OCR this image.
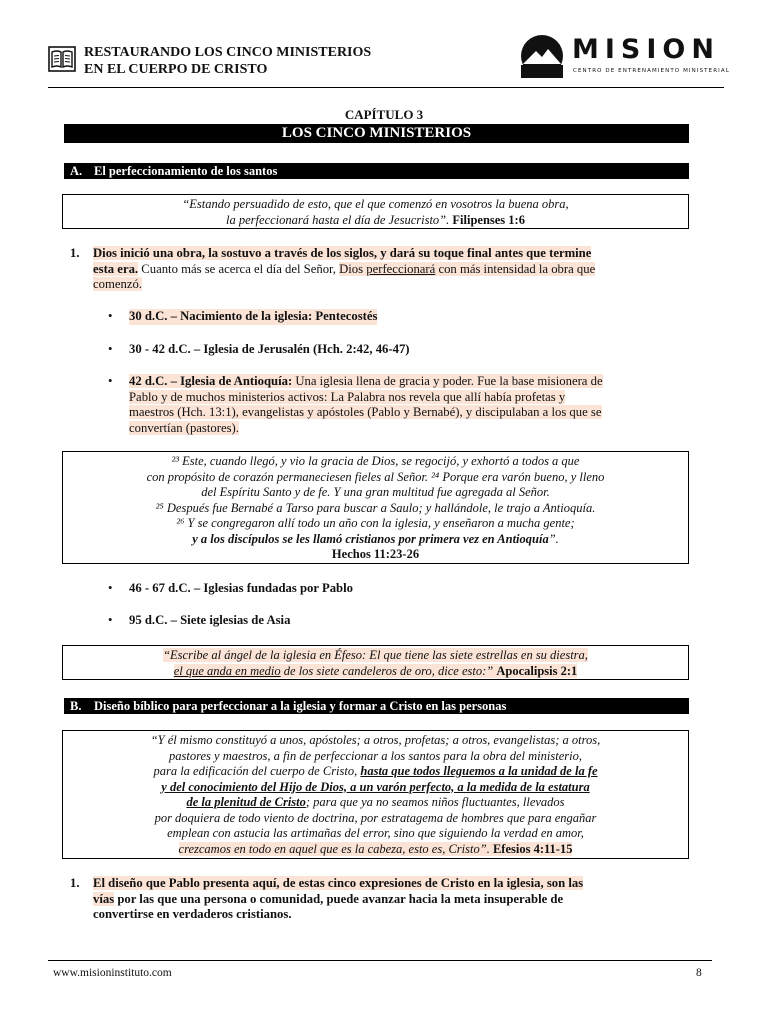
RESTAURANDO LOS CINCO MINISTERIOS
EN EL CUERPO DE CRISTO
MISION
CENTRO DE ENTRENAMIENTO MINISTERIAL
CAPÍTULO 3
LOS CINCO MINISTERIOS
A. El perfeccionamiento de los santos
“Estando persuadido de esto, que el que comenzó en vosotros la buena obra,
la perfeccionará hasta el día de Jesucristo”. Filipenses 1:6
1. Dios inició una obra, la sostuvo a través de los siglos, y dará su toque final antes que termine
esta era. Cuanto más se acerca el día del Señor, Dios perfeccionará con más intensidad la obra que
comenzó.
• 30 d.C. – Nacimiento de la iglesia: Pentecostés
• 30 - 42 d.C. – Iglesia de Jerusalén (Hch. 2:42, 46-47)
• 42 d.C. – Iglesia de Antioquía: Una iglesia llena de gracia y poder. Fue la base misionera de
Pablo y de muchos ministerios activos: La Palabra nos revela que allí había profetas y
maestros (Hch. 13:1), evangelistas y apóstoles (Pablo y Bernabé), y discipulaban a los que se
convertían (pastores).
²³ Este, cuando llegó, y vio la gracia de Dios, se regocijó, y exhortó a todos a que
con propósito de corazón permaneciesen fieles al Señor. ²⁴ Porque era varón bueno, y lleno
del Espíritu Santo y de fe. Y una gran multitud fue agregada al Señor.
²⁵ Después fue Bernabé a Tarso para buscar a Saulo; y hallándole, le trajo a Antioquía.
²⁶ Y se congregaron allí todo un año con la iglesia, y enseñaron a mucha gente;
y a los discípulos se les llamó cristianos por primera vez en Antioquía”.
Hechos 11:23-26
• 46 - 67 d.C. – Iglesias fundadas por Pablo
• 95 d.C. – Siete iglesias de Asia
“Escribe al ángel de la iglesia en Éfeso: El que tiene las siete estrellas en su diestra,
el que anda en medio de los siete candeleros de oro, dice esto:” Apocalipsis 2:1
B. Diseño bíblico para perfeccionar a la iglesia y formar a Cristo en las personas
“Y él mismo constituyó a unos, apóstoles; a otros, profetas; a otros, evangelistas; a otros,
pastores y maestros, a fin de perfeccionar a los santos para la obra del ministerio,
para la edificación del cuerpo de Cristo, hasta que todos lleguemos a la unidad de la fe
y del conocimiento del Hijo de Dios, a un varón perfecto, a la medida de la estatura
de la plenitud de Cristo; para que ya no seamos niños fluctuantes, llevados
por doquiera de todo viento de doctrina, por estratagema de hombres que para engañar
emplean con astucia las artimañas del error, sino que siguiendo la verdad en amor,
crezcamos en todo en aquel que es la cabeza, esto es, Cristo”. Efesios 4:11-15
1. El diseño que Pablo presenta aquí, de estas cinco expresiones de Cristo en la iglesia, son las
vías por las que una persona o comunidad, puede avanzar hacia la meta insuperable de
convertirse en verdaderos cristianos.
www.misioninstituto.com	8
